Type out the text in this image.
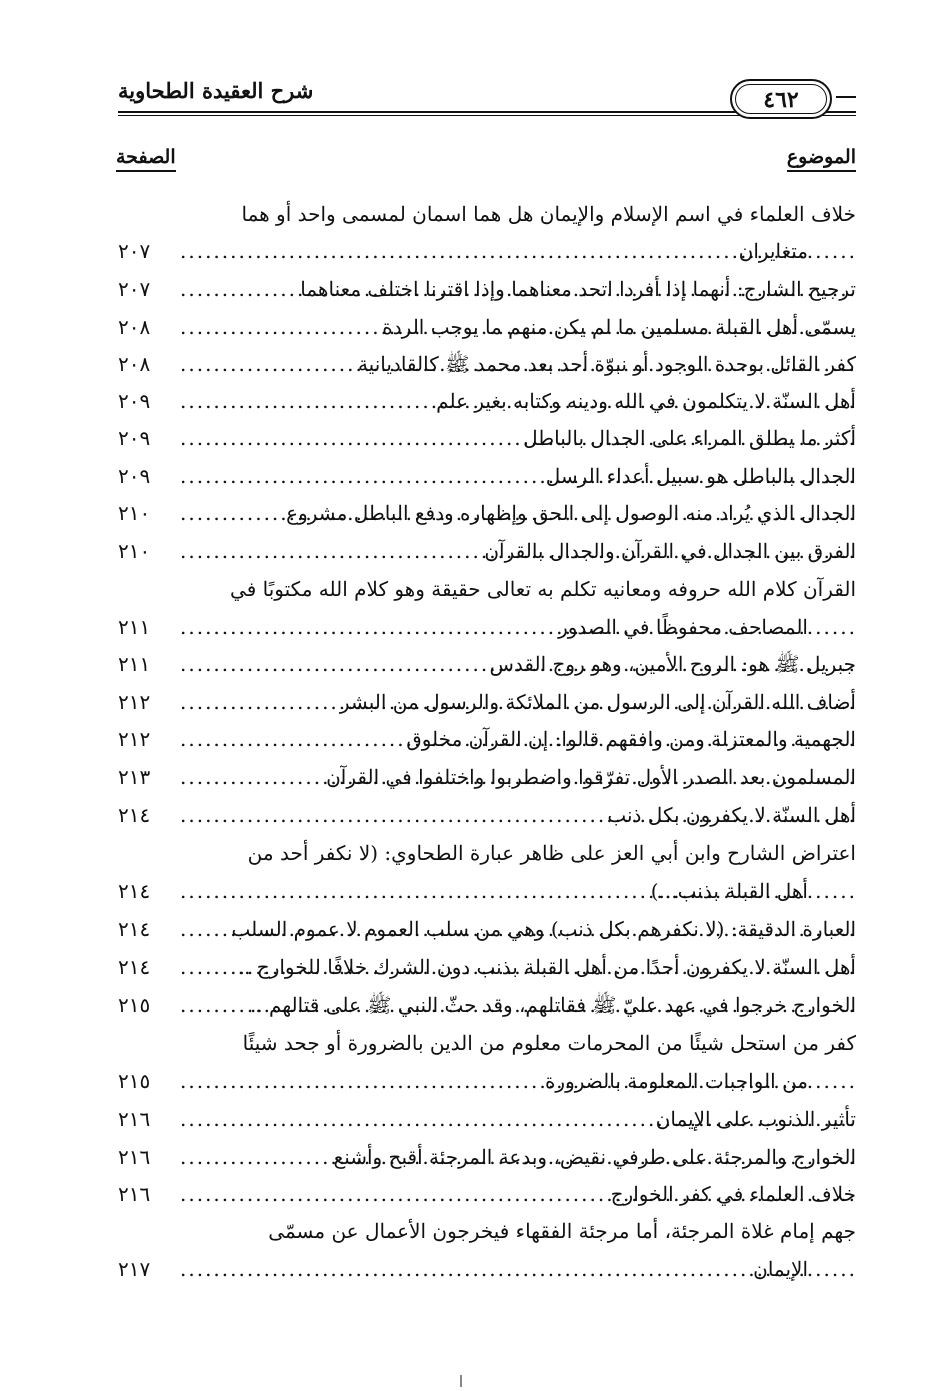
شرح العقيدة الطحاوية	٤٦٢
الموضوع
الصفحة
خلاف العلماء في اسم الإسلام والإيمان هل هما اسمان لمسمى واحد أو هما
متغايران
.....
٢٠٧
ترجيح الشارح: أنهما إذا أفردا اتحد معناهما وإذا اقترنا اختلف معناهما
.....
٢٠٧
يسمّى أهل القبلة مسلمين ما لم يكن منهم ما يوجب الردة
.....
٢٠٨
كفر القائل بوحدة الوجود أو نبوّة أحد بعد محمد ﷺ كالقاديانية
.....
٢٠٨
أهل السنّة لا يتكلمون في الله ودينه وكتابه بغير علم
.....
٢٠٩
أكثر ما يطلق المراء على الجدال بالباطل
.....
٢٠٩
الجدال بالباطل هو سبيل أعداء الرسل
.....
٢٠٩
الجدال الذي يُراد منه الوصول إلى الحق وإظهاره ودفع الباطل مشروع
.....
٢١٠
الفرق بين الجدال في القرآن والجدال بالقرآن
.....
٢١٠
القرآن كلام الله حروفه ومعانيه تكلم به تعالى حقيقة وهو كلام الله مكتوبًا في
المصاحف محفوظًا في الصدور
.....
٢١١
جبريل ﷺ هو: الروح الأمين، وهو روح القدس
.....
٢١١
أضاف الله القرآن إلى الرسول من الملائكة والرسول من البشر
.....
٢١٢
الجهمية والمعتزلة ومن وافقهم قالوا: إن القرآن مخلوق
.....
٢١٢
المسلمون بعد الصدر الأول تفرّقوا واضطربوا واختلفوا في القرآن
.....
٢١٣
أهل السنّة لا يكفرون بكل ذنب
.....
٢١٤
اعتراض الشارح وابن أبي العز على ظاهر عبارة الطحاوي: (لا نكفر أحد من
أهل القبلة بذنب...)
.....
٢١٤
العبارة الدقيقة: (لا نكفرهم بكل ذنب) وهي من سلب العموم لا عموم السلب
.....
٢١٤
أهل السنّة لا يكفرون أحدًا من أهل القبلة بذنب دون الشرك خلافًا للخوارج ..
.....
٢١٤
الخوارج خرجوا في عهد عليّ ﷺ فقاتلهم، وقد حثّ النبي ﷺ على قتالهم ..
.....
٢١٥
كفر من استحل شيئًا من المحرمات معلوم من الدين بالضرورة أو جحد شيئًا
من الواجبات المعلومة بالضرورة
.....
٢١٥
تأثير الذنوب على الإيمان
.....
٢١٦
الخوارج والمرجئة على طرفي نقيض، وبدعة المرجئة أقبح وأشنع
.....
٢١٦
خلاف العلماء في كفر الخوارج
.....
٢١٦
جهم إمام غلاة المرجئة، أما مرجئة الفقهاء فيخرجون الأعمال عن مسمّى
الإيمان
.....
٢١٧
